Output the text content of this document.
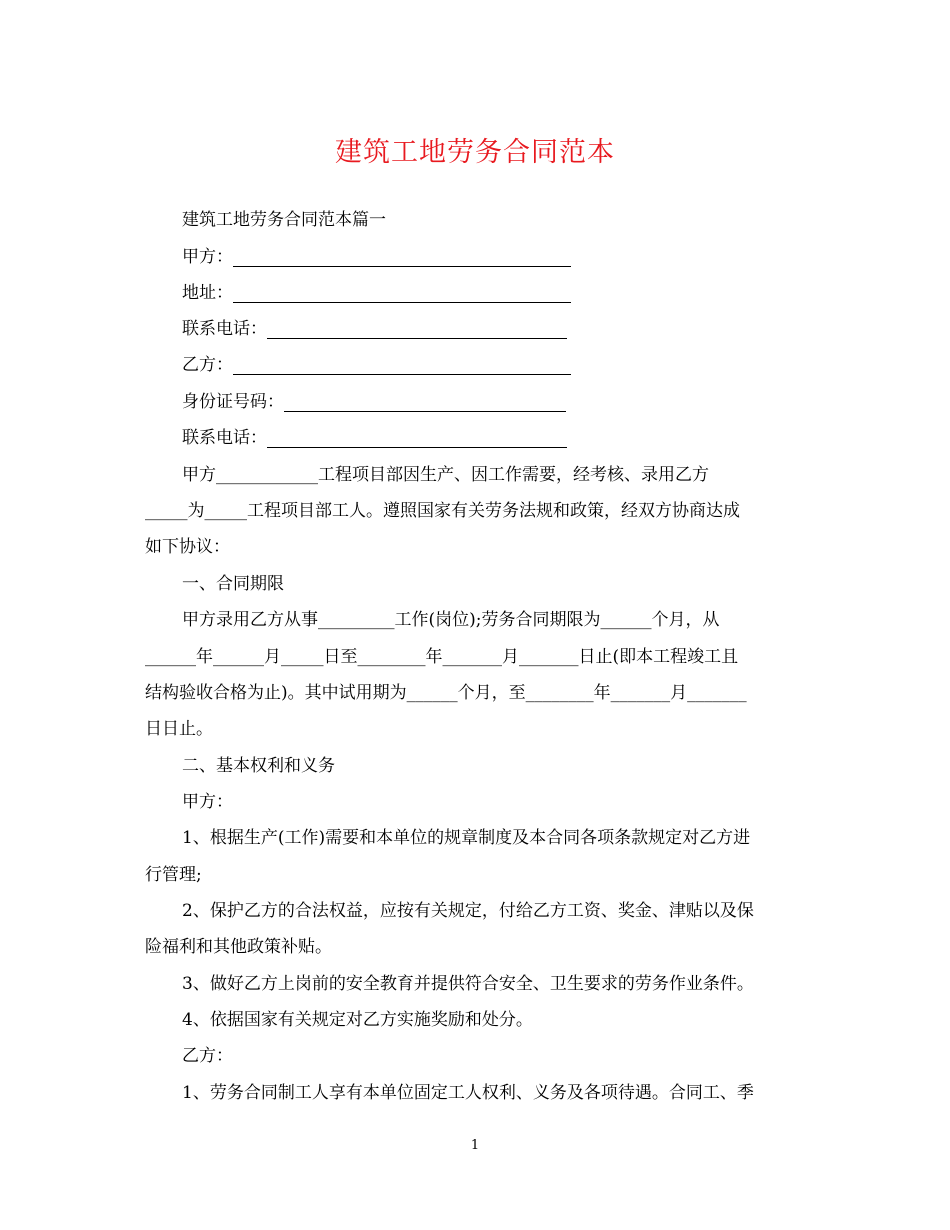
建筑工地劳务合同范本
建筑工地劳务合同范本篇一
甲方：
地址：
联系电话：
乙方：
身份证号码：
联系电话：
甲方____________工程项目部因生产、因工作需要，经考核、录用乙方
_____为_____工程项目部工人。遵照国家有关劳务法规和政策，经双方协商达成
如下协议：
一、合同期限
甲方录用乙方从事_________工作(岗位);劳务合同期限为______个月，从
______年______月_____日至________年_______月_______日止(即本工程竣工且
结构验收合格为止)。其中试用期为______个月，至________年_______月_______
日日止。
二、基本权利和义务
甲方：
1、根据生产(工作)需要和本单位的规章制度及本合同各项条款规定对乙方进
行管理;
2、保护乙方的合法权益，应按有关规定，付给乙方工资、奖金、津贴以及保
险福利和其他政策补贴。
3、做好乙方上岗前的安全教育并提供符合安全、卫生要求的劳务作业条件。
4、依据国家有关规定对乙方实施奖励和处分。
乙方：
1、劳务合同制工人享有本单位固定工人权利、义务及各项待遇。合同工、季
1
